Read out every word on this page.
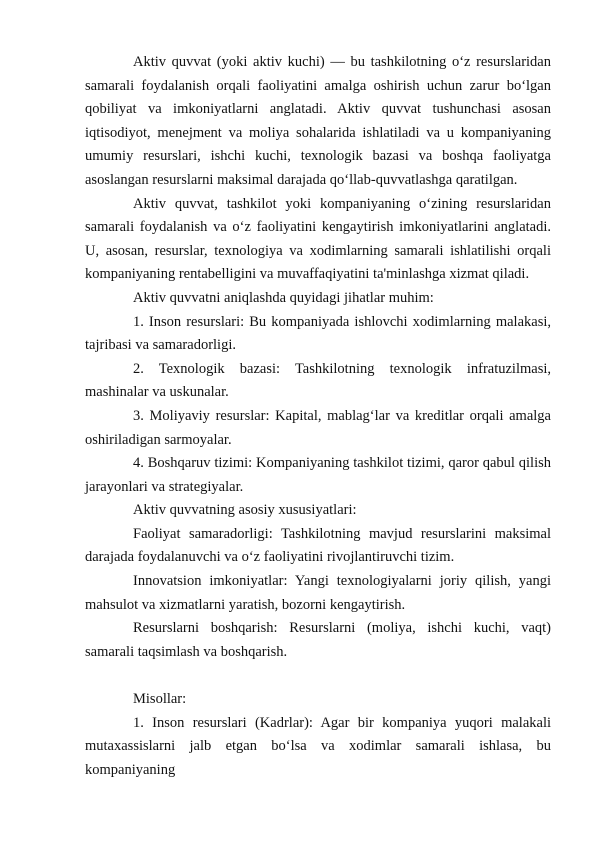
Aktiv quvvat (yoki aktiv kuchi) — bu tashkilotning o‘z resurslaridan samarali foydalanish orqali faoliyatini amalga oshirish uchun zarur bo‘lgan qobiliyat va imkoniyatlarni anglatadi. Aktiv quvvat tushunchasi asosan iqtisodiyot, menejment va moliya sohalarida ishlatiladi va u kompaniyaning umumiy resurslari, ishchi kuchi, texnologik bazasi va boshqa faoliyatga asoslangan resurslarni maksimal darajada qo‘llab-quvvatlashga qaratilgan.

Aktiv quvvat, tashkilot yoki kompaniyaning o‘zining resurslaridan samarali foydalanish va o‘z faoliyatini kengaytirish imkoniyatlarini anglatadi. U, asosan, resurslar, texnologiya va xodimlarning samarali ishlatilishi orqali kompaniyaning rentabelligini va muvaffaqiyatini ta'minlashga xizmat qiladi.

Aktiv quvvatni aniqlashda quyidagi jihatlar muhim:

1. Inson resurslari: Bu kompaniyada ishlovchi xodimlarning malakasi, tajribasi va samaradorligi.

2. Texnologik bazasi: Tashkilotning texnologik infratuzilmasi, mashinalar va uskunalar.

3. Moliyaviy resurslar: Kapital, mablag‘lar va kreditlar orqali amalga oshiriladigan sarmoyalar.

4. Boshqaruv tizimi: Kompaniyaning tashkilot tizimi, qaror qabul qilish jarayonlari va strategiyalar.

Aktiv quvvatning asosiy xususiyatlari:

Faoliyat samaradorligi: Tashkilotning mavjud resurslarini maksimal darajada foydalanuvchi va o‘z faoliyatini rivojlantiruvchi tizim.

Innovatsion imkoniyatlar: Yangi texnologiyalarni joriy qilish, yangi mahsulot va xizmatlarni yaratish, bozorni kengaytirish.

Resurslarni boshqarish: Resurslarni (moliya, ishchi kuchi, vaqt) samarali taqsimlash va boshqarish.

Misollar:

1. Inson resurslari (Kadrlar): Agar bir kompaniya yuqori malakali mutaxassislarni jalb etgan bo‘lsa va xodimlar samarali ishlasa, bu kompaniyaning
